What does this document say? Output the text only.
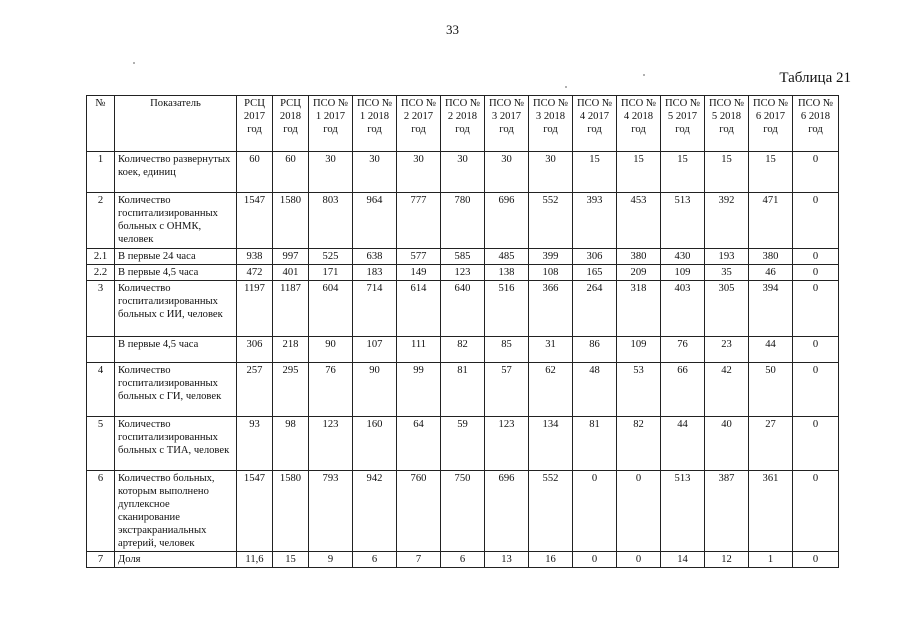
33
Таблица 21
№	Показатель	РСЦ 2017 год	РСЦ 2018 год	ПСО № 1 2017 год	ПСО № 1 2018 год	ПСО № 2 2017 год	ПСО № 2 2018 год	ПСО № 3 2017 год	ПСО № 3 2018 год	ПСО № 4 2017 год	ПСО № 4 2018 год	ПСО № 5 2017 год	ПСО № 5 2018 год	ПСО № 6 2017 год	ПСО № 6 2018 год
1	Количество развернутых коек, единиц	60	60	30	30	30	30	30	30	15	15	15	15	15	0
2	Количество госпитализированных больных с ОНМК, человек	1547	1580	803	964	777	780	696	552	393	453	513	392	471	0
2.1	В первые 24 часа	938	997	525	638	577	585	485	399	306	380	430	193	380	0
2.2	В первые 4,5 часа	472	401	171	183	149	123	138	108	165	209	109	35	46	0
3	Количество госпитализированных больных с ИИ, человек	1197	1187	604	714	614	640	516	366	264	318	403	305	394	0
	В первые 4,5 часа	306	218	90	107	111	82	85	31	86	109	76	23	44	0
4	Количество госпитализированных больных с ГИ, человек	257	295	76	90	99	81	57	62	48	53	66	42	50	0
5	Количество госпитализированных больных с ТИА, человек	93	98	123	160	64	59	123	134	81	82	44	40	27	0
6	Количество больных, которым выполнено дуплексное сканирование экстракраниальных артерий, человек	1547	1580	793	942	760	750	696	552	0	0	513	387	361	0
7	Доля	11,6	15	9	6	7	6	13	16	0	0	14	12	1	0
